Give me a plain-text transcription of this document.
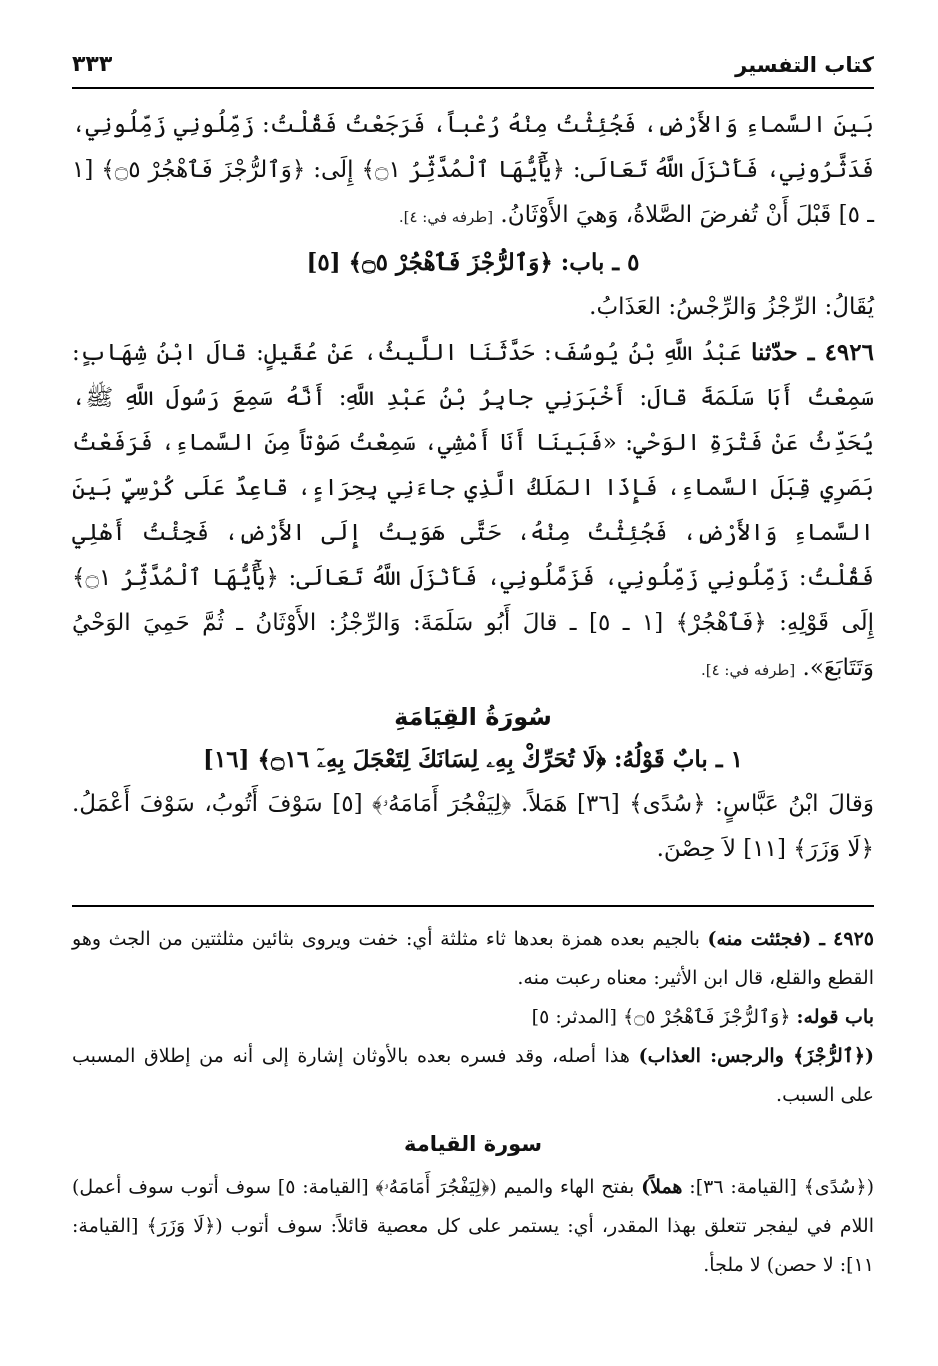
كتاب التفسير
٣٣٣

بَينَ السَّماءِ وَالأَرْضِ، فَجُئِثْتُ مِنْهُ رُعْباً، فَرَجَعْتُ فَقُلْتُ: زَمِّلُونِي زَمِّلُونِي، فَدَثَّرُونِي، فَأَنْزَلَ اللَّهُ تَعَالَى: ﴿يَٰٓأَيُّهَا ٱلْمُدَّثِّرُ ۝١﴾ إِلَى: ﴿وَٱلرُّجْزَ فَٱهْجُرْ ۝٥﴾ [١ ـ ٥] قَبْلَ أَنْ تُفرضَ الصَّلاةُ، وَهيَ الأَوْثَانُ. [طرفه في: ٤].

٥ ـ باب: ﴿وَٱلرُّجْزَ فَٱهْجُرْ ۝٥﴾ [٥]

يُقَالُ: الرِّجْزُ وَالرِّجْسُ: العَذَابُ.

٤٩٢٦ ـ حدّثنا عَبْدُ اللَّهِ بْنُ يُوسُفَ: حَدَّثَنَا اللَّيثُ، عَنْ عُقَيلٍ: قالَ ابْنُ شِهَابٍ: سَمِعْتُ أَبَا سَلَمَةَ قالَ: أَخْبَرَنِي جابِرُ بْنُ عَبْدِ اللَّهِ: أَنَّهُ سَمِعَ رَسُولَ اللَّهِ ﷺ، يُحَدِّثُ عَنْ فَتْرَةِ الوَحْيِ: «فَبَينَا أَنَا أَمْشِي، سَمِعْتُ صَوْتاً مِنَ السَّماءِ، فَرَفَعْتُ بَصَرِي قِبَلَ السَّماءِ، فَإِذَا المَلَكُ الَّذِي جاءَنِي بِحِرَاءٍ، قاعِدٌ عَلَى كُرْسِيٍّ بَينَ السَّماءِ وَالأَرْضِ، فَجُئِثْتُ مِنْهُ، حَتَّى هَوَيتُ إِلَى الأَرْضِ، فَجِئْتُ أَهْلِي فَقُلْتُ: زَمِّلُونِي زَمِّلُونِي، فَزَمَّلُونِي، فَأَنْزَلَ اللَّهُ تَعَالَى: ﴿يَٰٓأَيُّهَا ٱلْمُدَّثِّرُ ۝١﴾ إِلَى قَوْلِهِ: ﴿فَٱهْجُرْ﴾ [١ ـ ٥] ـ قالَ أَبُو سَلَمَةَ: وَالرِّجْزُ: الأَوْثَانُ ـ ثُمَّ حَمِيَ الوَحْيُ وَتَتَابَعَ». [طرفه في: ٤].

سُورَةُ القِيَامَةِ

١ ـ بابٌ قَوْلُهُ: ﴿لَا تُحَرِّكْ بِهِۦ لِسَانَكَ لِتَعْجَلَ بِهِۦٓ ۝١٦﴾ [١٦]

وَقالَ ابْنُ عَبَّاسٍ: ﴿سُدًى﴾ [٣٦] هَمَلاً. ﴿لِيَفْجُرَ أَمَامَهُۥ﴾ [٥] سَوْفَ أَتُوبُ، سَوْفَ أَعْمَلُ. ﴿لَا وَزَرَ﴾ [١١] لاَ حِصْنَ.

٤٩٢٥ ـ (فجئثت منه) بالجيم بعده همزة بعدها ثاء مثلثة أي: خفت ويروى بثائين مثلثتين من الجث وهو القطع والقلع، قال ابن الأثير: معناه رعبت منه.

باب قوله: ﴿وَٱلرُّجْزَ فَٱهْجُرْ ۝٥﴾ [المدثر: ٥]

(﴿ٱلرُّجْزَ﴾ والرجس: العذاب) هذا أصله، وقد فسره بعده بالأوثان إشارة إلى أنه من إطلاق المسبب على السبب.

سورة القيامة

(﴿سُدًى﴾ [القيامة: ٣٦]: هملاً) بفتح الهاء والميم (﴿لِيَفْجُرَ أَمَامَهُۥ﴾ [القيامة: ٥] سوف أتوب سوف أعمل) اللام في ليفجر تتعلق بهذا المقدر، أي: يستمر على كل معصية قائلاً: سوف أتوب (﴿لَا وَزَرَ﴾ [القيامة: ١١]: لا حصن) لا ملجأ.
